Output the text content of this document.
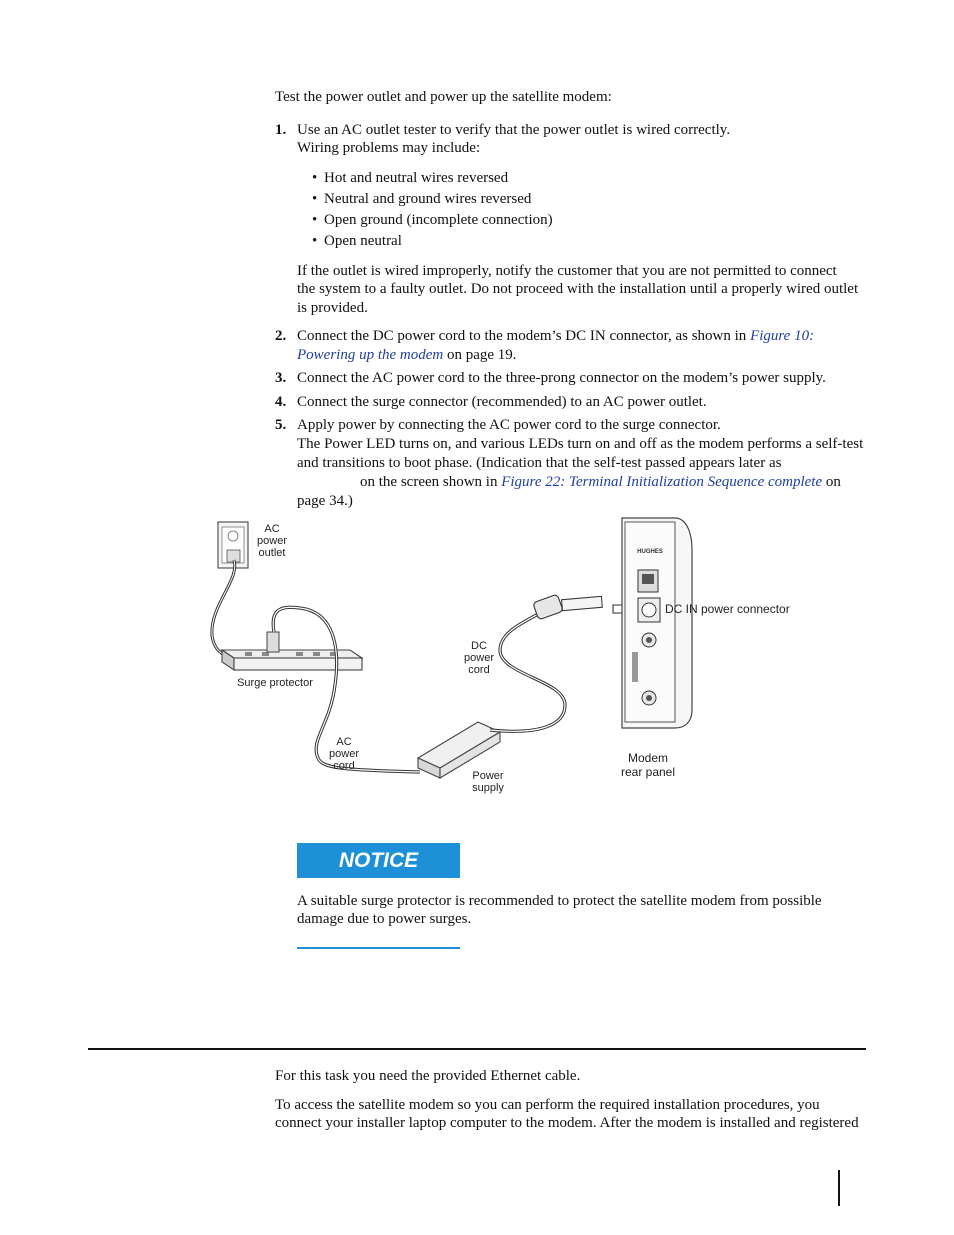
Test the power outlet and power up the satellite modem:
1. Use an AC outlet tester to verify that the power outlet is wired correctly.
Wiring problems may include:
• Hot and neutral wires reversed
• Neutral and ground wires reversed
• Open ground (incomplete connection)
• Open neutral
If the outlet is wired improperly, notify the customer that you are not permitted to connect
the system to a faulty outlet. Do not proceed with the installation until a properly wired outlet
is provided.
2. Connect the DC power cord to the modem’s DC IN connector, as shown in Figure 10:
Powering up the modem on page 19.
3. Connect the AC power cord to the three-prong connector on the modem’s power supply.
4. Connect the surge connector (recommended) to an AC power outlet.
5. Apply power by connecting the AC power cord to the surge connector.
The Power LED turns on, and various LEDs turn on and off as the modem performs a self-test
and transitions to boot phase. (Indication that the self-test passed appears later as
on the screen shown in Figure 22: Terminal Initialization Sequence complete on
page 34.)
HUGHES
AC
power
outlet
Surge protector
DC
power
cord
AC
power
cord
Power
supply
Modem
rear panel
DC IN power connector
NOTICE
A suitable surge protector is recommended to protect the satellite modem from possible
damage due to power surges.
For this task you need the provided Ethernet cable.
To access the satellite modem so you can perform the required installation procedures, you
connect your installer laptop computer to the modem. After the modem is installed and registered
